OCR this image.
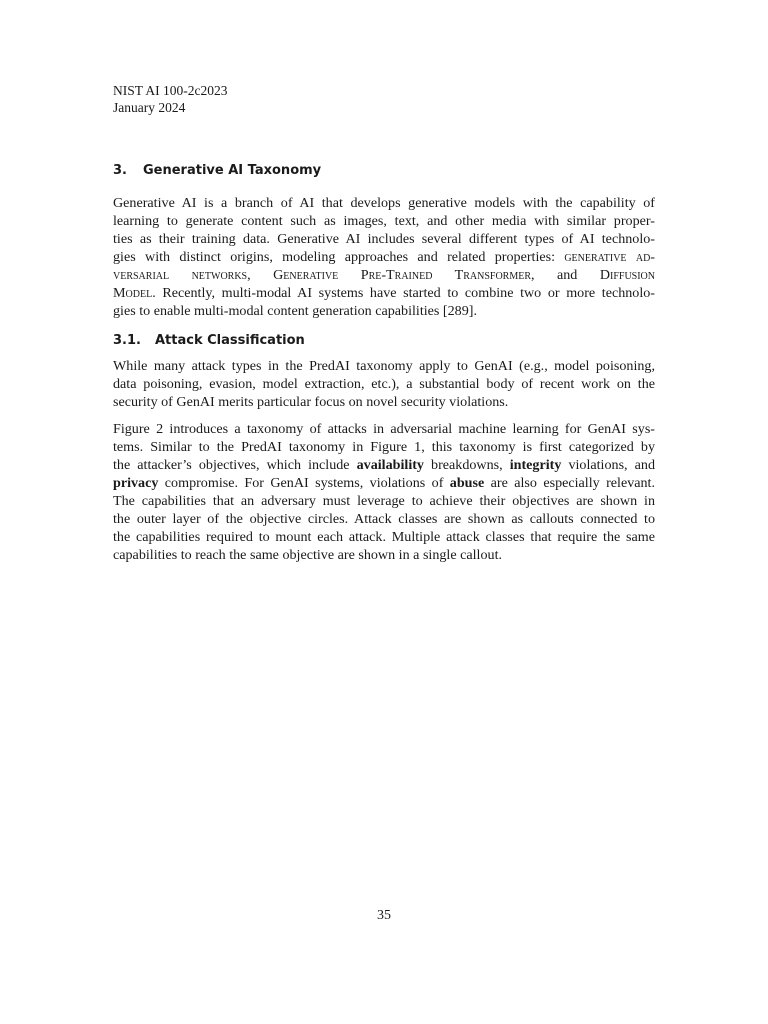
NIST AI 100-2c2023
January 2024
3. Generative AI Taxonomy
Generative AI is a branch of AI that develops generative models with the capability of
learning to generate content such as images, text, and other media with similar proper-
ties as their training data. Generative AI includes several different types of AI technolo-
gies with distinct origins, modeling approaches and related properties: generative ad-
versarial networks, Generative Pre-Trained Transformer, and Diffusion
Model. Recently, multi-modal AI systems have started to combine two or more technolo-
gies to enable multi-modal content generation capabilities [289].
3.1. Attack Classification
While many attack types in the PredAI taxonomy apply to GenAI (e.g., model poisoning,
data poisoning, evasion, model extraction, etc.), a substantial body of recent work on the
security of GenAI merits particular focus on novel security violations.
Figure 2 introduces a taxonomy of attacks in adversarial machine learning for GenAI sys-
tems. Similar to the PredAI taxonomy in Figure 1, this taxonomy is first categorized by
the attacker’s objectives, which include availability breakdowns, integrity violations, and
privacy compromise. For GenAI systems, violations of abuse are also especially relevant.
The capabilities that an adversary must leverage to achieve their objectives are shown in
the outer layer of the objective circles. Attack classes are shown as callouts connected to
the capabilities required to mount each attack. Multiple attack classes that require the same
capabilities to reach the same objective are shown in a single callout.
35
